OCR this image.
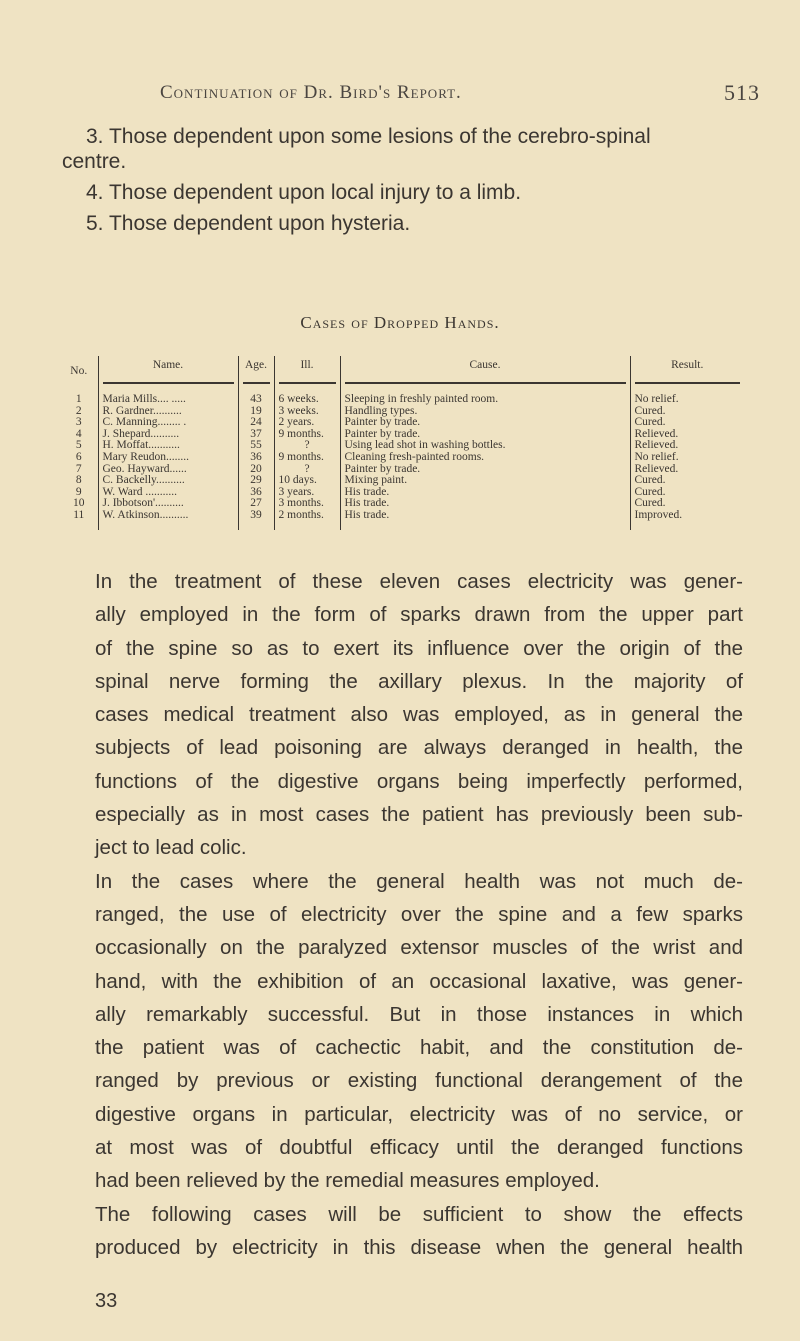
Continuation of Dr. Bird's Report.	513
3. Those dependent upon some lesions of the cerebro-spinal
centre.
4. Those dependent upon local injury to a limb.
5. Those dependent upon hysteria.
Cases of Dropped Hands.
No.	Name.	Age.	Ill.	Cause.	Result.

1	Maria Mills.... .....	43	6 weeks.	Sleeping in freshly painted room.	No relief.
2	R. Gardner..........	19	3 weeks.	Handling types.	Cured.
3	C. Manning........ .	24	2 years.	Painter by trade.	Cured.
4	J. Shepard..........	37	9 months.	Painter by trade.	Relieved.
5	H. Moffat...........	55	?	Using lead shot in washing bottles.	Relieved.
6	Mary Reudon........	36	9 months.	Cleaning fresh-painted rooms.	No relief.
7	Geo. Hayward......	20	?	Painter by trade.	Relieved.
8	C. Backelly..........	29	10 days.	Mixing paint.	Cured.
9	W. Ward ...........	36	3 years.	His trade.	Cured.
10	J. Ibbotson'..........	27	3 months.	His trade.	Cured.
11	W. Atkinson..........	39	2 months.	His trade.	Improved.
In the treatment of these eleven cases electricity was gener-
ally employed in the form of sparks drawn from the upper part
of the spine so as to exert its influence over the origin of the
spinal nerve forming the axillary plexus. In the majority of
cases medical treatment also was employed, as in general the
subjects of lead poisoning are always deranged in health, the
functions of the digestive organs being imperfectly performed,
especially as in most cases the patient has previously been sub-
ject to lead colic.
In the cases where the general health was not much de-
ranged, the use of electricity over the spine and a few sparks
occasionally on the paralyzed extensor muscles of the wrist and
hand, with the exhibition of an occasional laxative, was gener-
ally remarkably successful. But in those instances in which
the patient was of cachectic habit, and the constitution de-
ranged by previous or existing functional derangement of the
digestive organs in particular, electricity was of no service, or
at most was of doubtful efficacy until the deranged functions
had been relieved by the remedial measures employed.
The following cases will be sufficient to show the effects
produced by electricity in this disease when the general health
33
